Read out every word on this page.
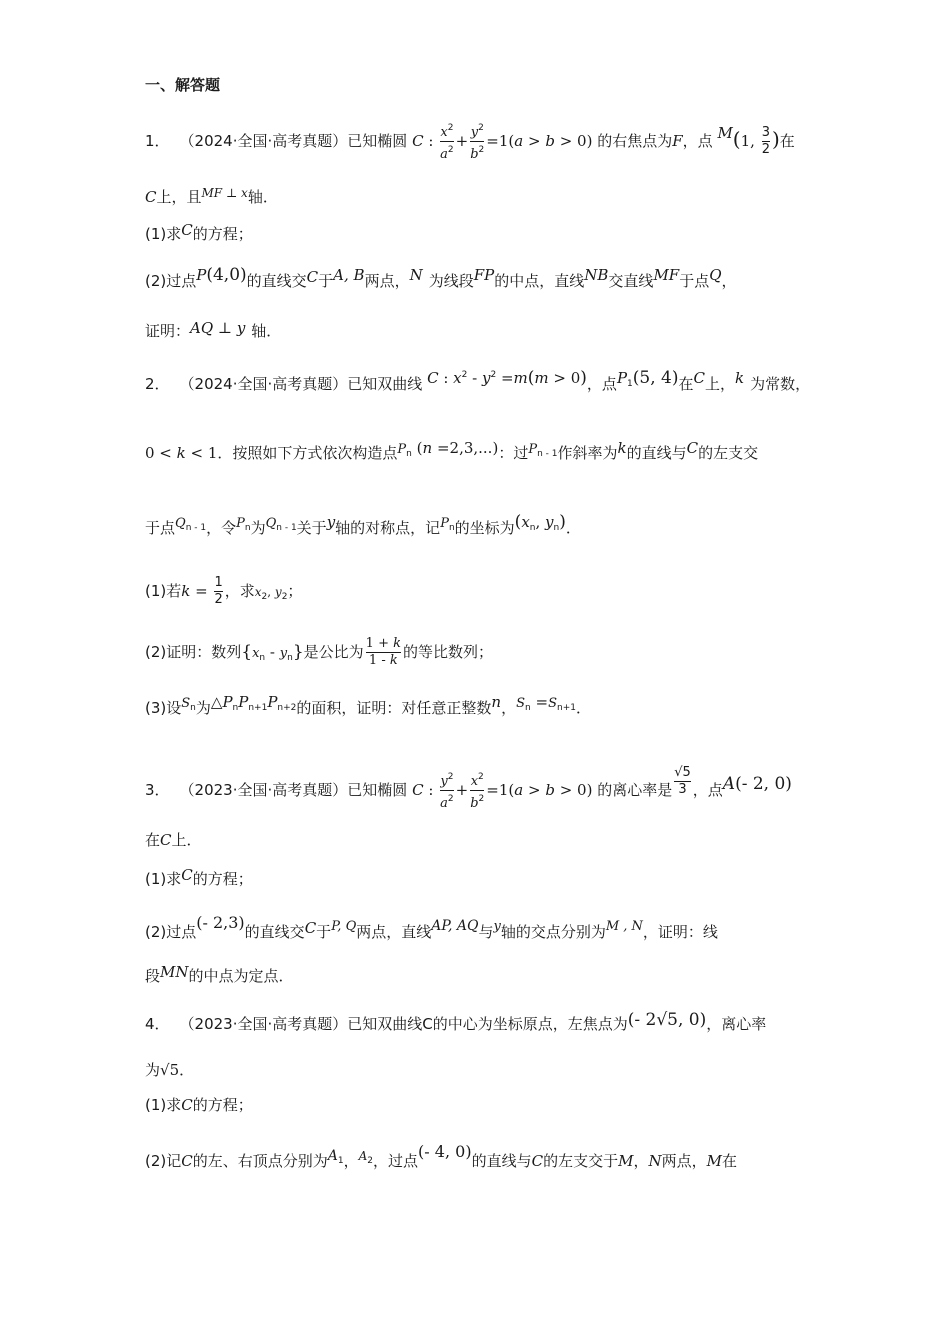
一、解答题
1． （2024·全国·高考真题）已知椭圆 C : $\frac{x^2}{a^2} + \frac{y^2}{b^2} =1(a > b > 0)$ 的右焦点为F，点 M(1, $\frac{3}{2}$ )在
C上，且$^{MF}$ ⊥ $^x$轴．
(1)求C的方程；
(2)过点P(4,0)的直线交C于A, B两点，N 为线段FP的中点，直线NB交直线MF于点Q，
证明：AQ ⊥ y 轴．
2． （2024·全国·高考真题）已知双曲线 C : $x^2 - y^2 =m(m > 0)$，点$P_1(5$, 4)在C上，k 为常数，
0 < k < 1．按照如下方式依次构造点$P_n$ (n =2,3,...)：过$P_{n - 1}$作斜率为k的直线与C的左支交
于点$Q_{n - 1}$，令$P_n$为$Q_{n - 1}$关于y轴的对称点，记$P_n$的坐标为($x_n$, $y_n$)．
(1)若$k = \frac{1}{2}$ ，求$x_2$, $y_2$；
(2)证明：数列$\{x_n - y_n\}$是公比为 $\frac{1 + k}{1 - k}$ 的等比数列；
(3)设$S_n$为$\triangle P_nP_{n+1}P_{n+2}$的面积，证明：对任意正整数n，$S_n =S_{n+1}$．
3． （2023·全国·高考真题）已知椭圆 C : $\frac{y^2}{a^2} + \frac{x^2}{b^2} =1(a > b > 0)$ 的离心率是 $\frac{√5}{3}$ ，点A(- 2, 0)
在C上．
(1)求C的方程；
(2)过点(- 2,3)的直线交C于P, Q两点，直线AP, AQ与y轴的交点分别为M , N，证明：线
段MN的中点为定点．
4． （2023·全国·高考真题）已知双曲线C的中心为坐标原点，左焦点为(- 2√5, 0)，离心率
为√5．
(1)求C的方程；
(2)记C的左、右顶点分别为$A_1$，$A_2$，过点(- 4, 0)的直线与C的左支交于M，N两点，M在
